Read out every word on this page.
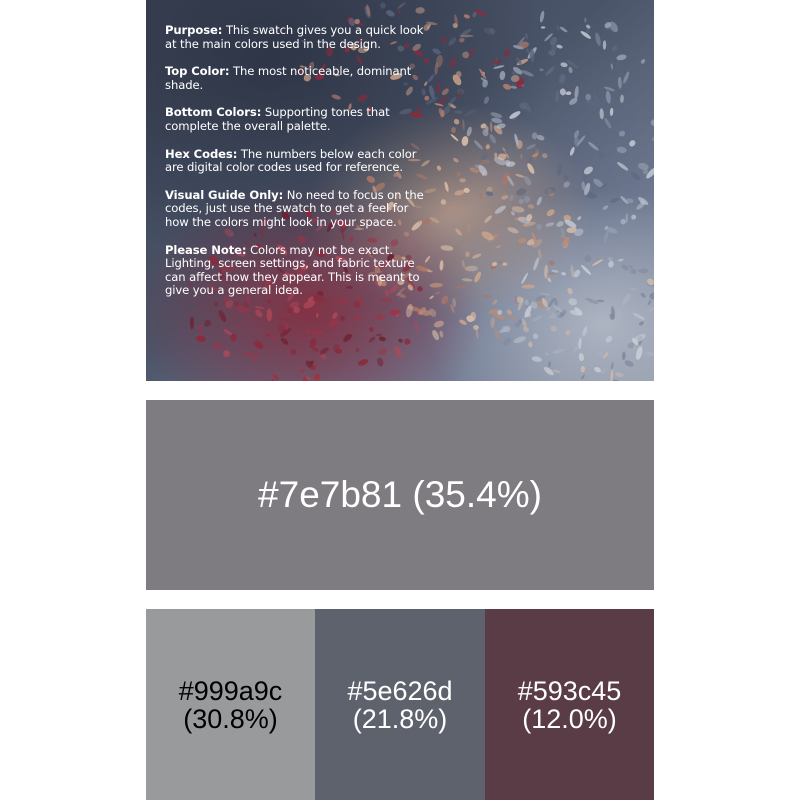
Purpose: This swatch gives you a quick look at the main colors used in the design.

Top Color: The most noticeable, dominant shade.

Bottom Colors: Supporting tones that complete the overall palette.

Hex Codes: The numbers below each color are digital color codes used for reference.

Visual Guide Only: No need to focus on the codes, just use the swatch to get a feel for how the colors might look in your space.

Please Note: Colors may not be exact. Lighting, screen settings, and fabric texture can affect how they appear. This is meant to give you a general idea.

#7e7b81 (35.4%)
#999a9c
(30.8%)
#5e626d
(21.8%)
#593c45
(12.0%)
